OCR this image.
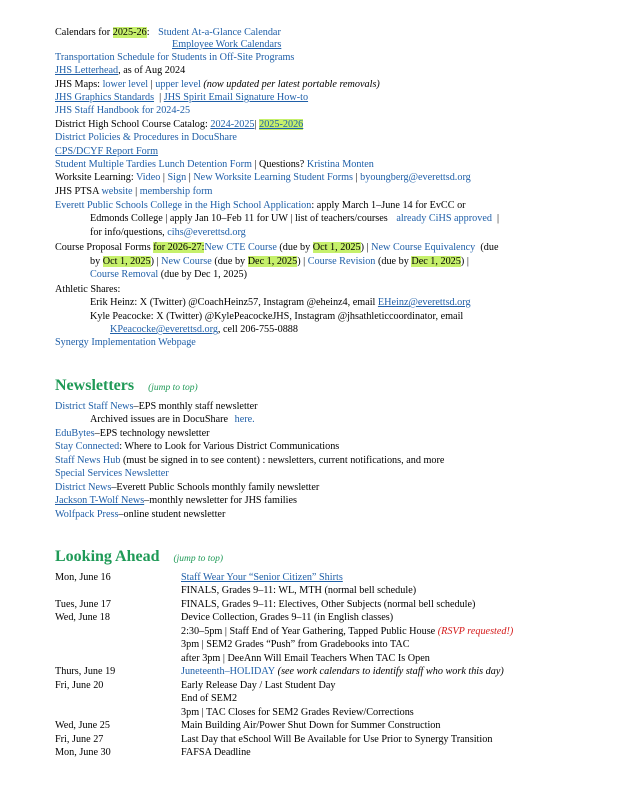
Calendars for 2025-26: Student At-a-Glance Calendar
Employee Work Calendars
Transportation Schedule for Students in Off-Site Programs
JHS Letterhead, as of Aug 2024
JHS Maps: lower level | upper level (now updated per latest portable removals)
JHS Graphics Standards  | JHS Spirit Email Signature How-to
JHS Staff Handbook for 2024-25
District High School Course Catalog: 2024-2025| 2025-2026
District Policies & Procedures in DocuShare
CPS/DCYF Report Form
Student Multiple Tardies Lunch Detention Form | Questions? Kristina Monten
Worksite Learning: Video | Sign | New Worksite Learning Student Forms | byoungberg@everettsd.org
JHS PTSA website | membership form
Everett Public Schools College in the High School Application: apply March 1–June 14 for EvCC or
Edmonds College | apply Jan 10–Feb 11 for UW | list of teachers/courses already CiHS approved  |
for info/questions, cihs@everettsd.org
Course Proposal Forms for 2026-27:New CTE Course (due by Oct 1, 2025) | New Course Equivalency  (due
by Oct 1, 2025) | New Course (due by Dec 1, 2025) | Course Revision (due by Dec 1, 2025) |
Course Removal (due by Dec 1, 2025)
Athletic Shares:
Erik Heinz: X (Twitter) @CoachHeinz57, Instagram @eheinz4, email EHeinz@everettsd.org
Kyle Peacocke: X (Twitter) @KylePeacockeJHS, Instagram @jhsathleticcoordinator, email
KPeacocke@everettsd.org, cell 206-755-0888
Synergy Implementation Webpage
Newsletters (jump to top)
District Staff News–EPS monthly staff newsletter
Archived issues are in DocuShare here.
EduBytes–EPS technology newsletter
Stay Connected: Where to Look for Various District Communications
Staff News Hub (must be signed in to see content) : newsletters, current notifications, and more
Special Services Newsletter
District News–Everett Public Schools monthly family newsletter
Jackson T-Wolf News–monthly newsletter for JHS families
Wolfpack Press–online student newsletter
Looking Ahead (jump to top)
Mon, June 16	Staff Wear Your “Senior Citizen” Shirts
FINALS, Grades 9–11: WL, MTH (normal bell schedule)
Tues, June 17	FINALS, Grades 9–11: Electives, Other Subjects (normal bell schedule)
Wed, June 18	Device Collection, Grades 9–11 (in English classes)
2:30–5pm | Staff End of Year Gathering, Tapped Public House (RSVP requested!)
3pm | SEM2 Grades “Push” from Gradebooks into TAC
after 3pm | DeeAnn Will Email Teachers When TAC Is Open
Thurs, June 19	Juneteenth–HOLIDAY (see work calendars to identify staff who work this day)
Fri, June 20	Early Release Day / Last Student Day
End of SEM2
3pm | TAC Closes for SEM2 Grades Review/Corrections
Wed, June 25	Main Building Air/Power Shut Down for Summer Construction
Fri, June 27	Last Day that eSchool Will Be Available for Use Prior to Synergy Transition
Mon, June 30	FAFSA Deadline
